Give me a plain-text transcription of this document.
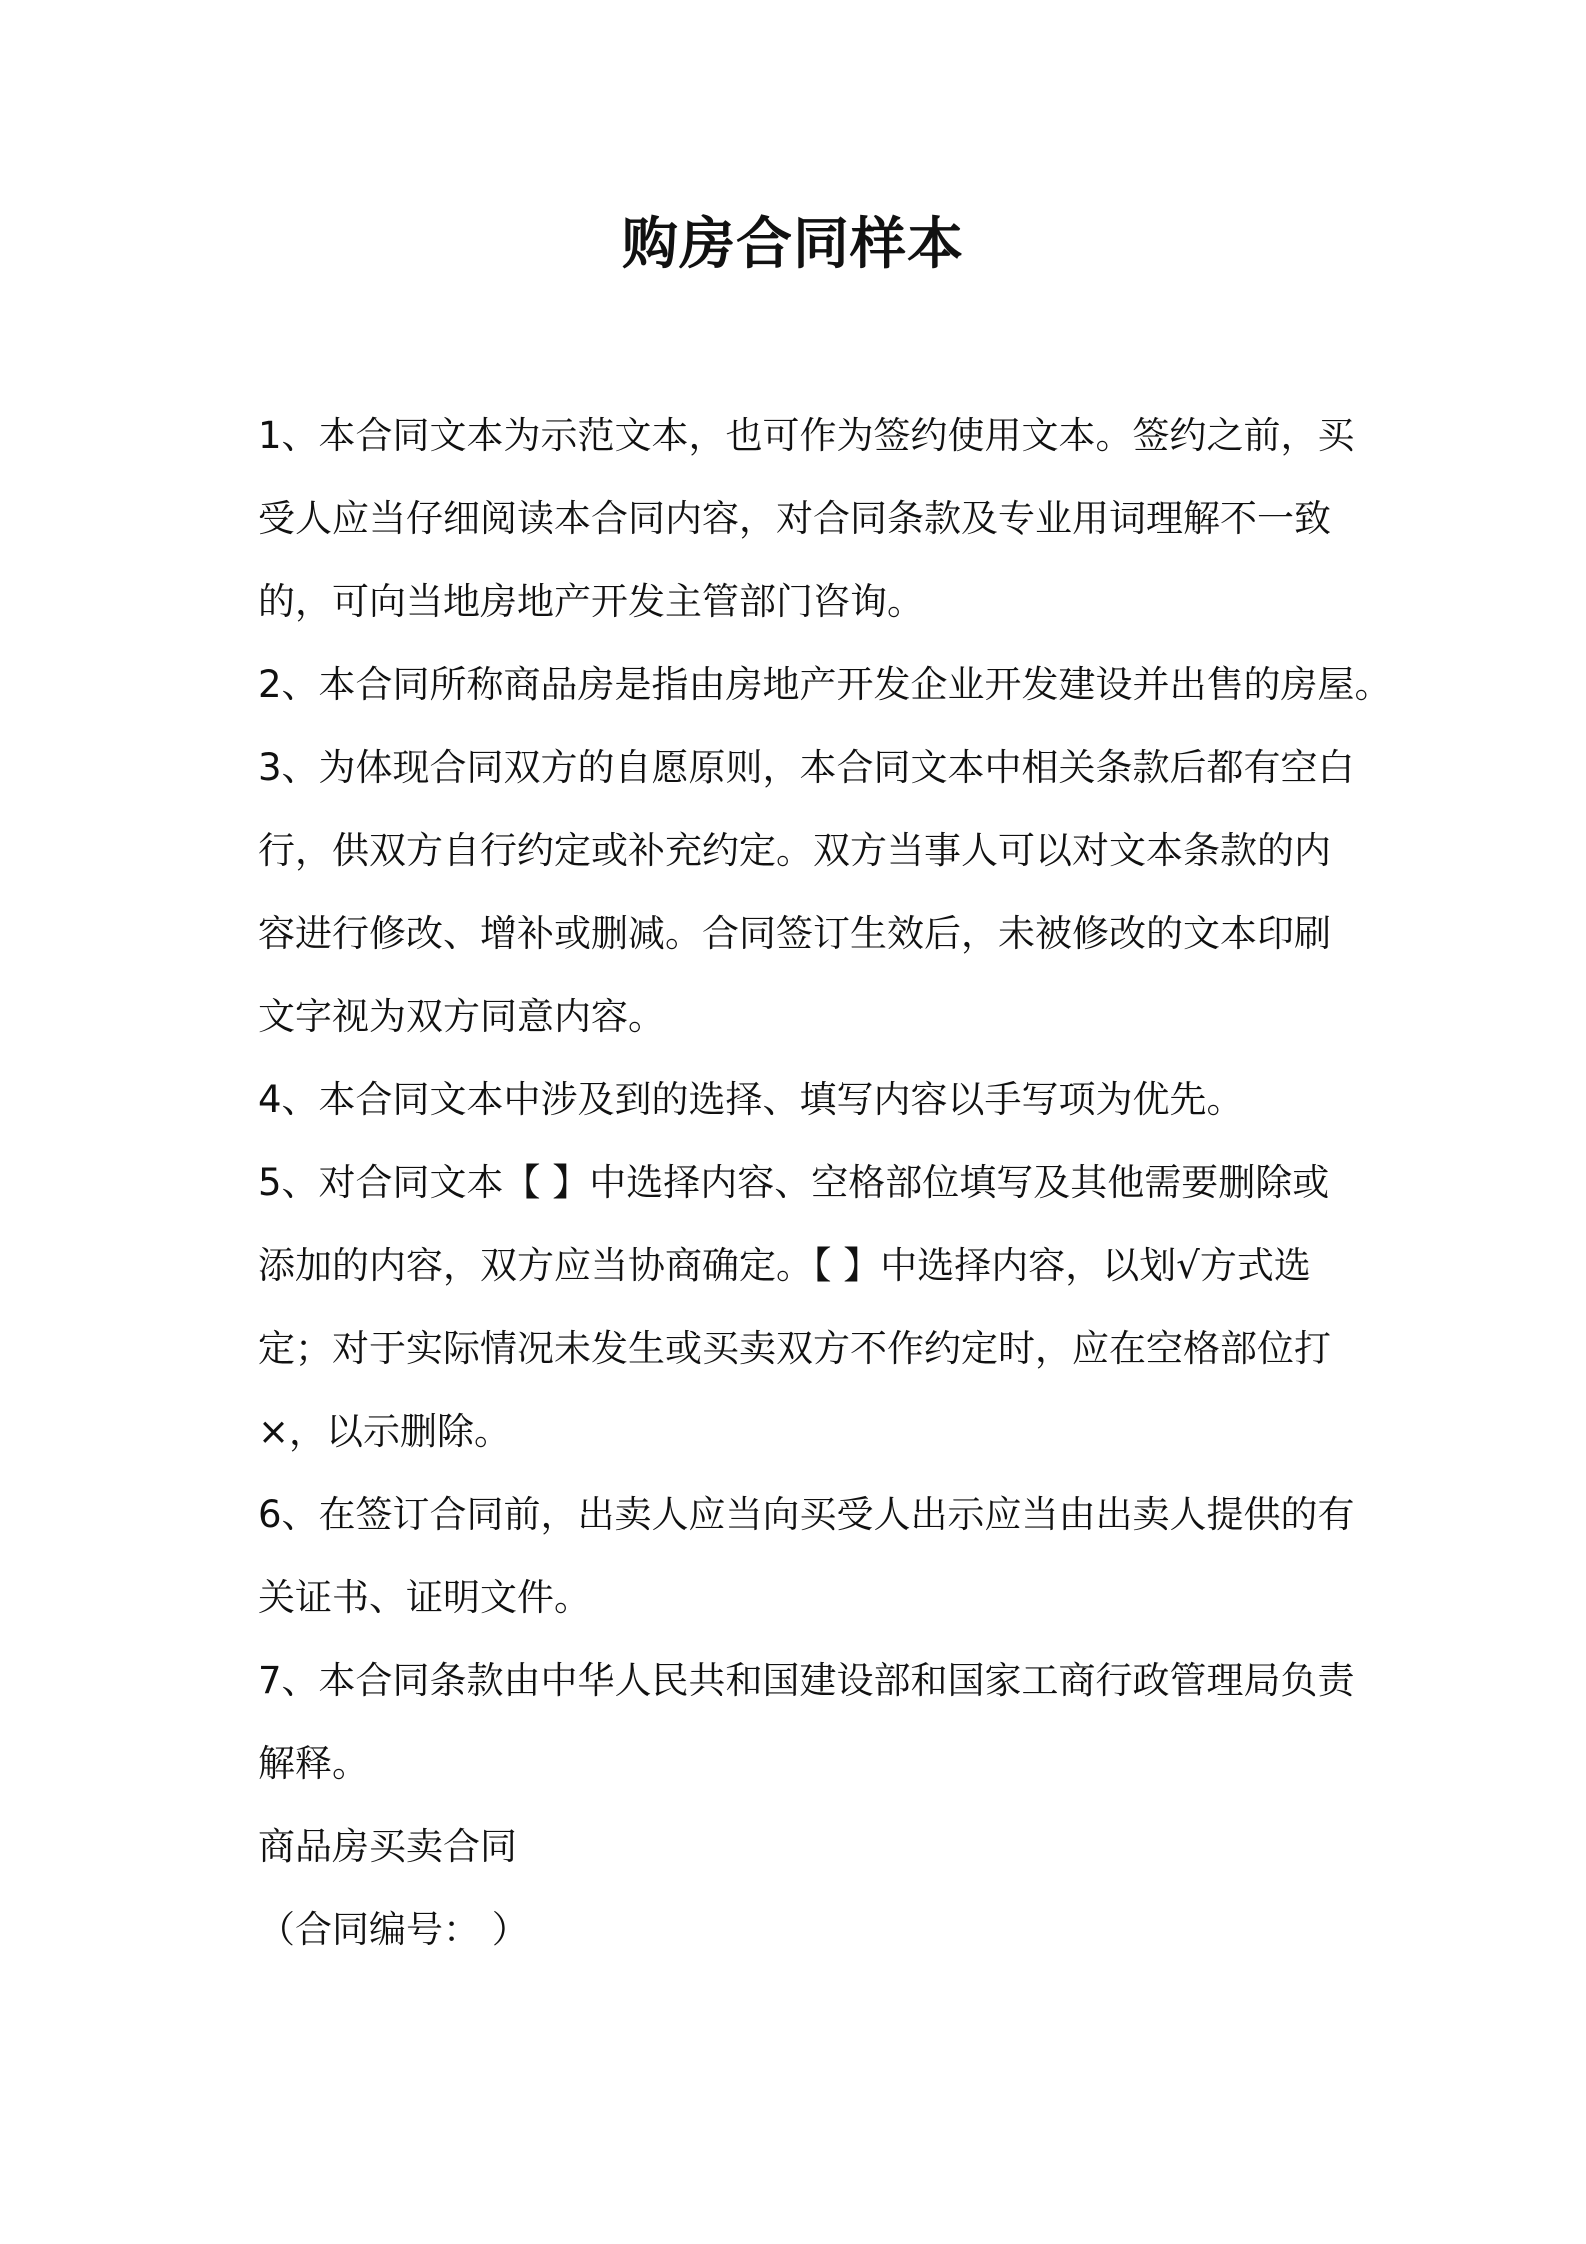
购房合同样本
1、本合同文本为示范文本，也可作为签约使用文本。签约之前，买
受人应当仔细阅读本合同内容，对合同条款及专业用词理解不一致
的，可向当地房地产开发主管部门咨询。
2、本合同所称商品房是指由房地产开发企业开发建设并出售的房屋。
3、为体现合同双方的自愿原则，本合同文本中相关条款后都有空白
行，供双方自行约定或补充约定。双方当事人可以对文本条款的内
容进行修改、增补或删减。合同签订生效后，未被修改的文本印刷
文字视为双方同意内容。
4、本合同文本中涉及到的选择、填写内容以手写项为优先。
5、对合同文本【 】中选择内容、空格部位填写及其他需要删除或
添加的内容，双方应当协商确定。【 】中选择内容，以划√方式选
定；对于实际情况未发生或买卖双方不作约定时，应在空格部位打
×，以示删除。
6、在签订合同前，出卖人应当向买受人出示应当由出卖人提供的有
关证书、证明文件。
7、本合同条款由中华人民共和国建设部和国家工商行政管理局负责
解释。
商品房买卖合同
（合同编号： ）
